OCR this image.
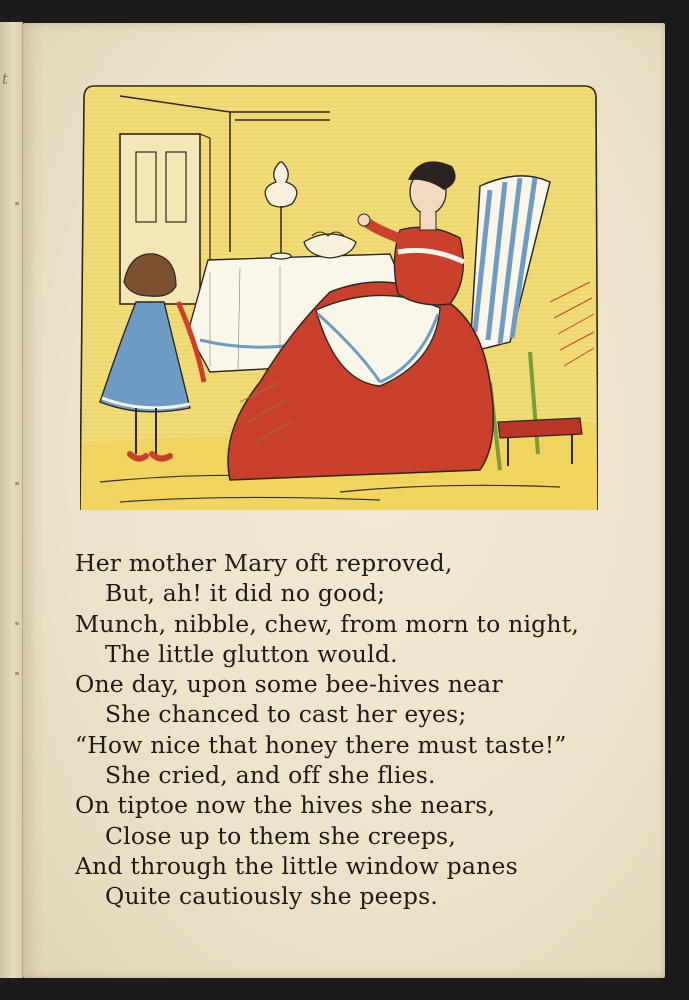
t
Her mother Mary oft reproved,
But, ah! it did no good;
Munch, nibble, chew, from morn to night,
The little glutton would.
One day, upon some bee-hives near
She chanced to cast her eyes;
“How nice that honey there must taste!”
She cried, and off she flies.
On tiptoe now the hives she nears,
Close up to them she creeps,
And through the little window panes
Quite cautiously she peeps.
